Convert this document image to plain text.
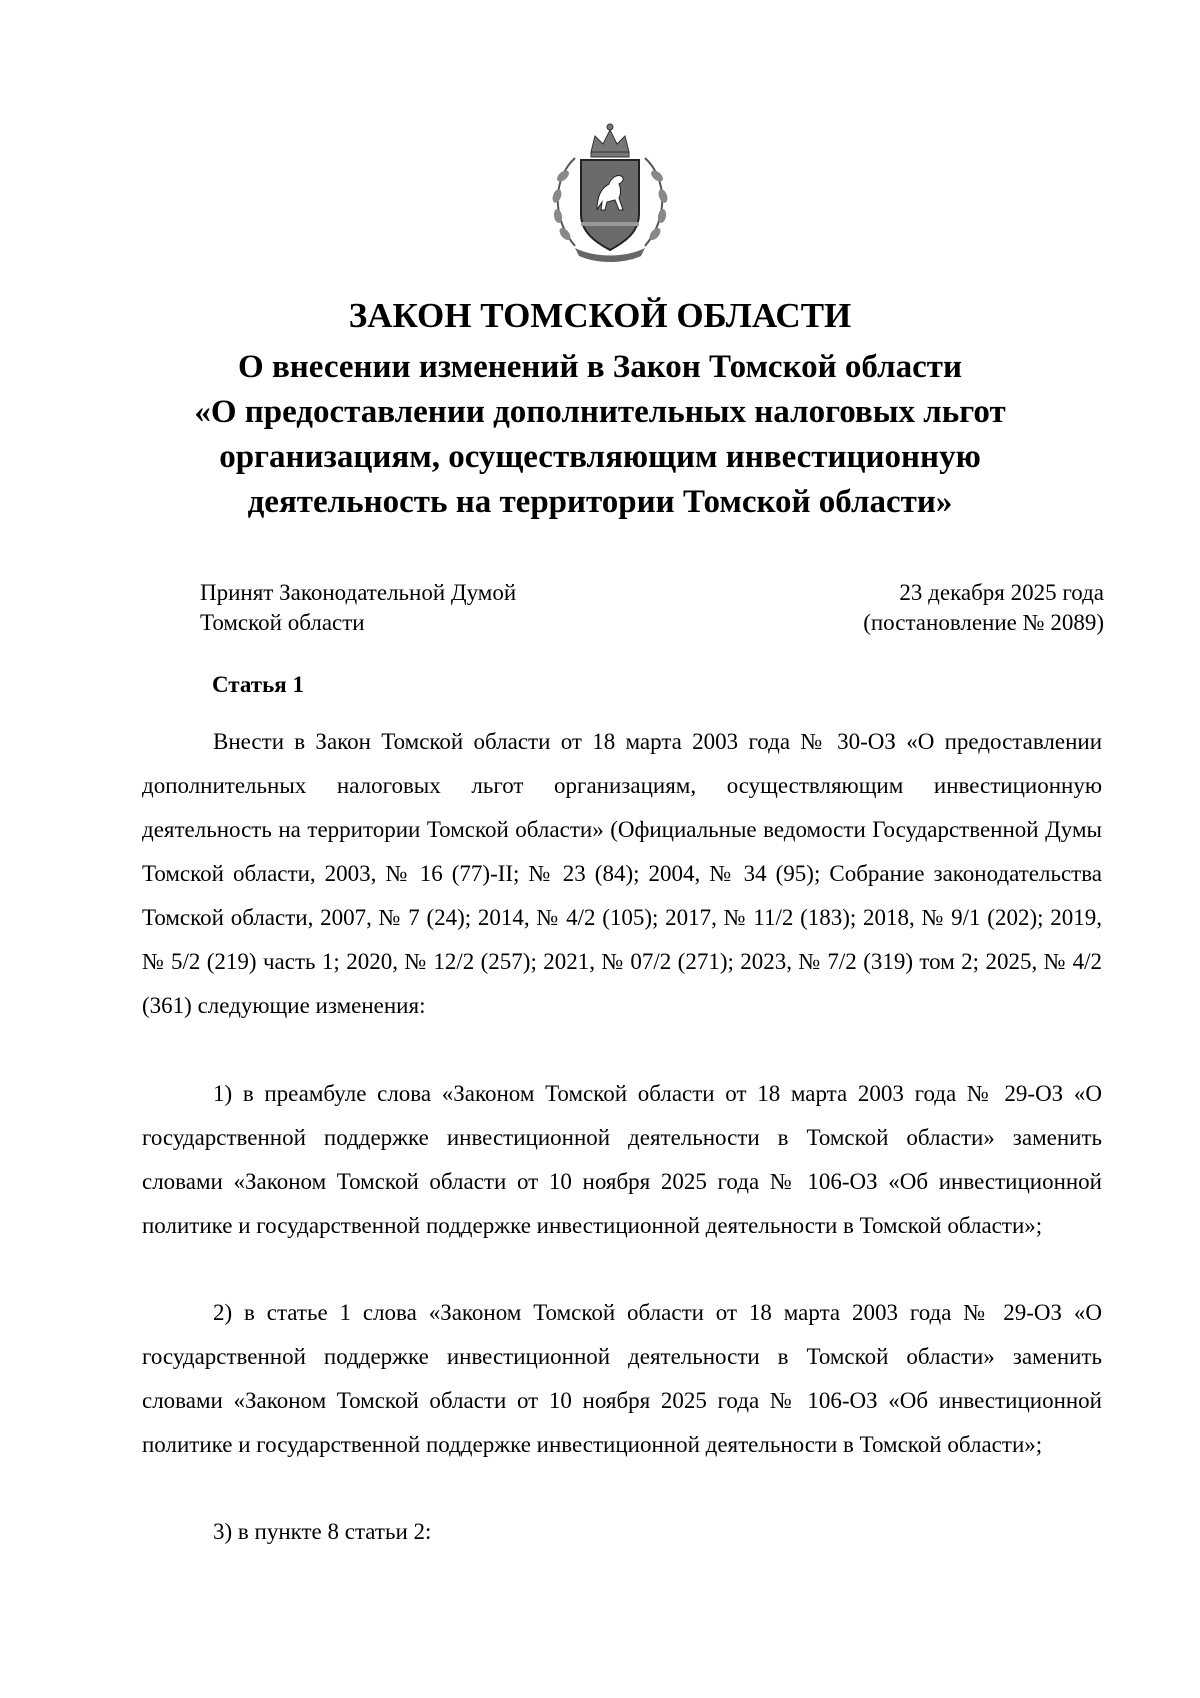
ЗАКОН ТОМСКОЙ ОБЛАСТИ
О внесении изменений в Закон Томской области
«О предоставлении дополнительных налоговых льгот
организациям, осуществляющим инвестиционную
деятельность на территории Томской области»
Принят Законодательной Думой
Томской области
23 декабря 2025 года
(постановление № 2089)
Статья 1

Внести в Закон Томской области от 18 марта 2003 года № 30-ОЗ «О предоставлении дополнительных налоговых льгот организациям, осуществляющим инвестиционную деятельность на территории Томской области» (Официальные ведомости Государственной Думы Томской области, 2003, № 16 (77)-II; № 23 (84); 2004, № 34 (95); Собрание законодательства Томской области, 2007, № 7 (24); 2014, № 4/2 (105); 2017, № 11/2 (183); 2018, № 9/1 (202); 2019, № 5/2 (219) часть 1; 2020, № 12/2 (257); 2021, № 07/2 (271); 2023, № 7/2 (319) том 2; 2025, № 4/2 (361) следующие изменения:

1) в преамбуле слова «Законом Томской области от 18 марта 2003 года № 29-ОЗ «О государственной поддержке инвестиционной деятельности в Томской области» заменить словами «Законом Томской области от 10 ноября 2025 года № 106-ОЗ «Об инвестиционной политике и государственной поддержке инвестиционной деятельности в Томской области»;

2) в статье 1 слова «Законом Томской области от 18 марта 2003 года № 29-ОЗ «О государственной поддержке инвестиционной деятельности в Томской области» заменить словами «Законом Томской области от 10 ноября 2025 года № 106-ОЗ «Об инвестиционной политике и государственной поддержке инвестиционной деятельности в Томской области»;

3) в пункте 8 статьи 2:
